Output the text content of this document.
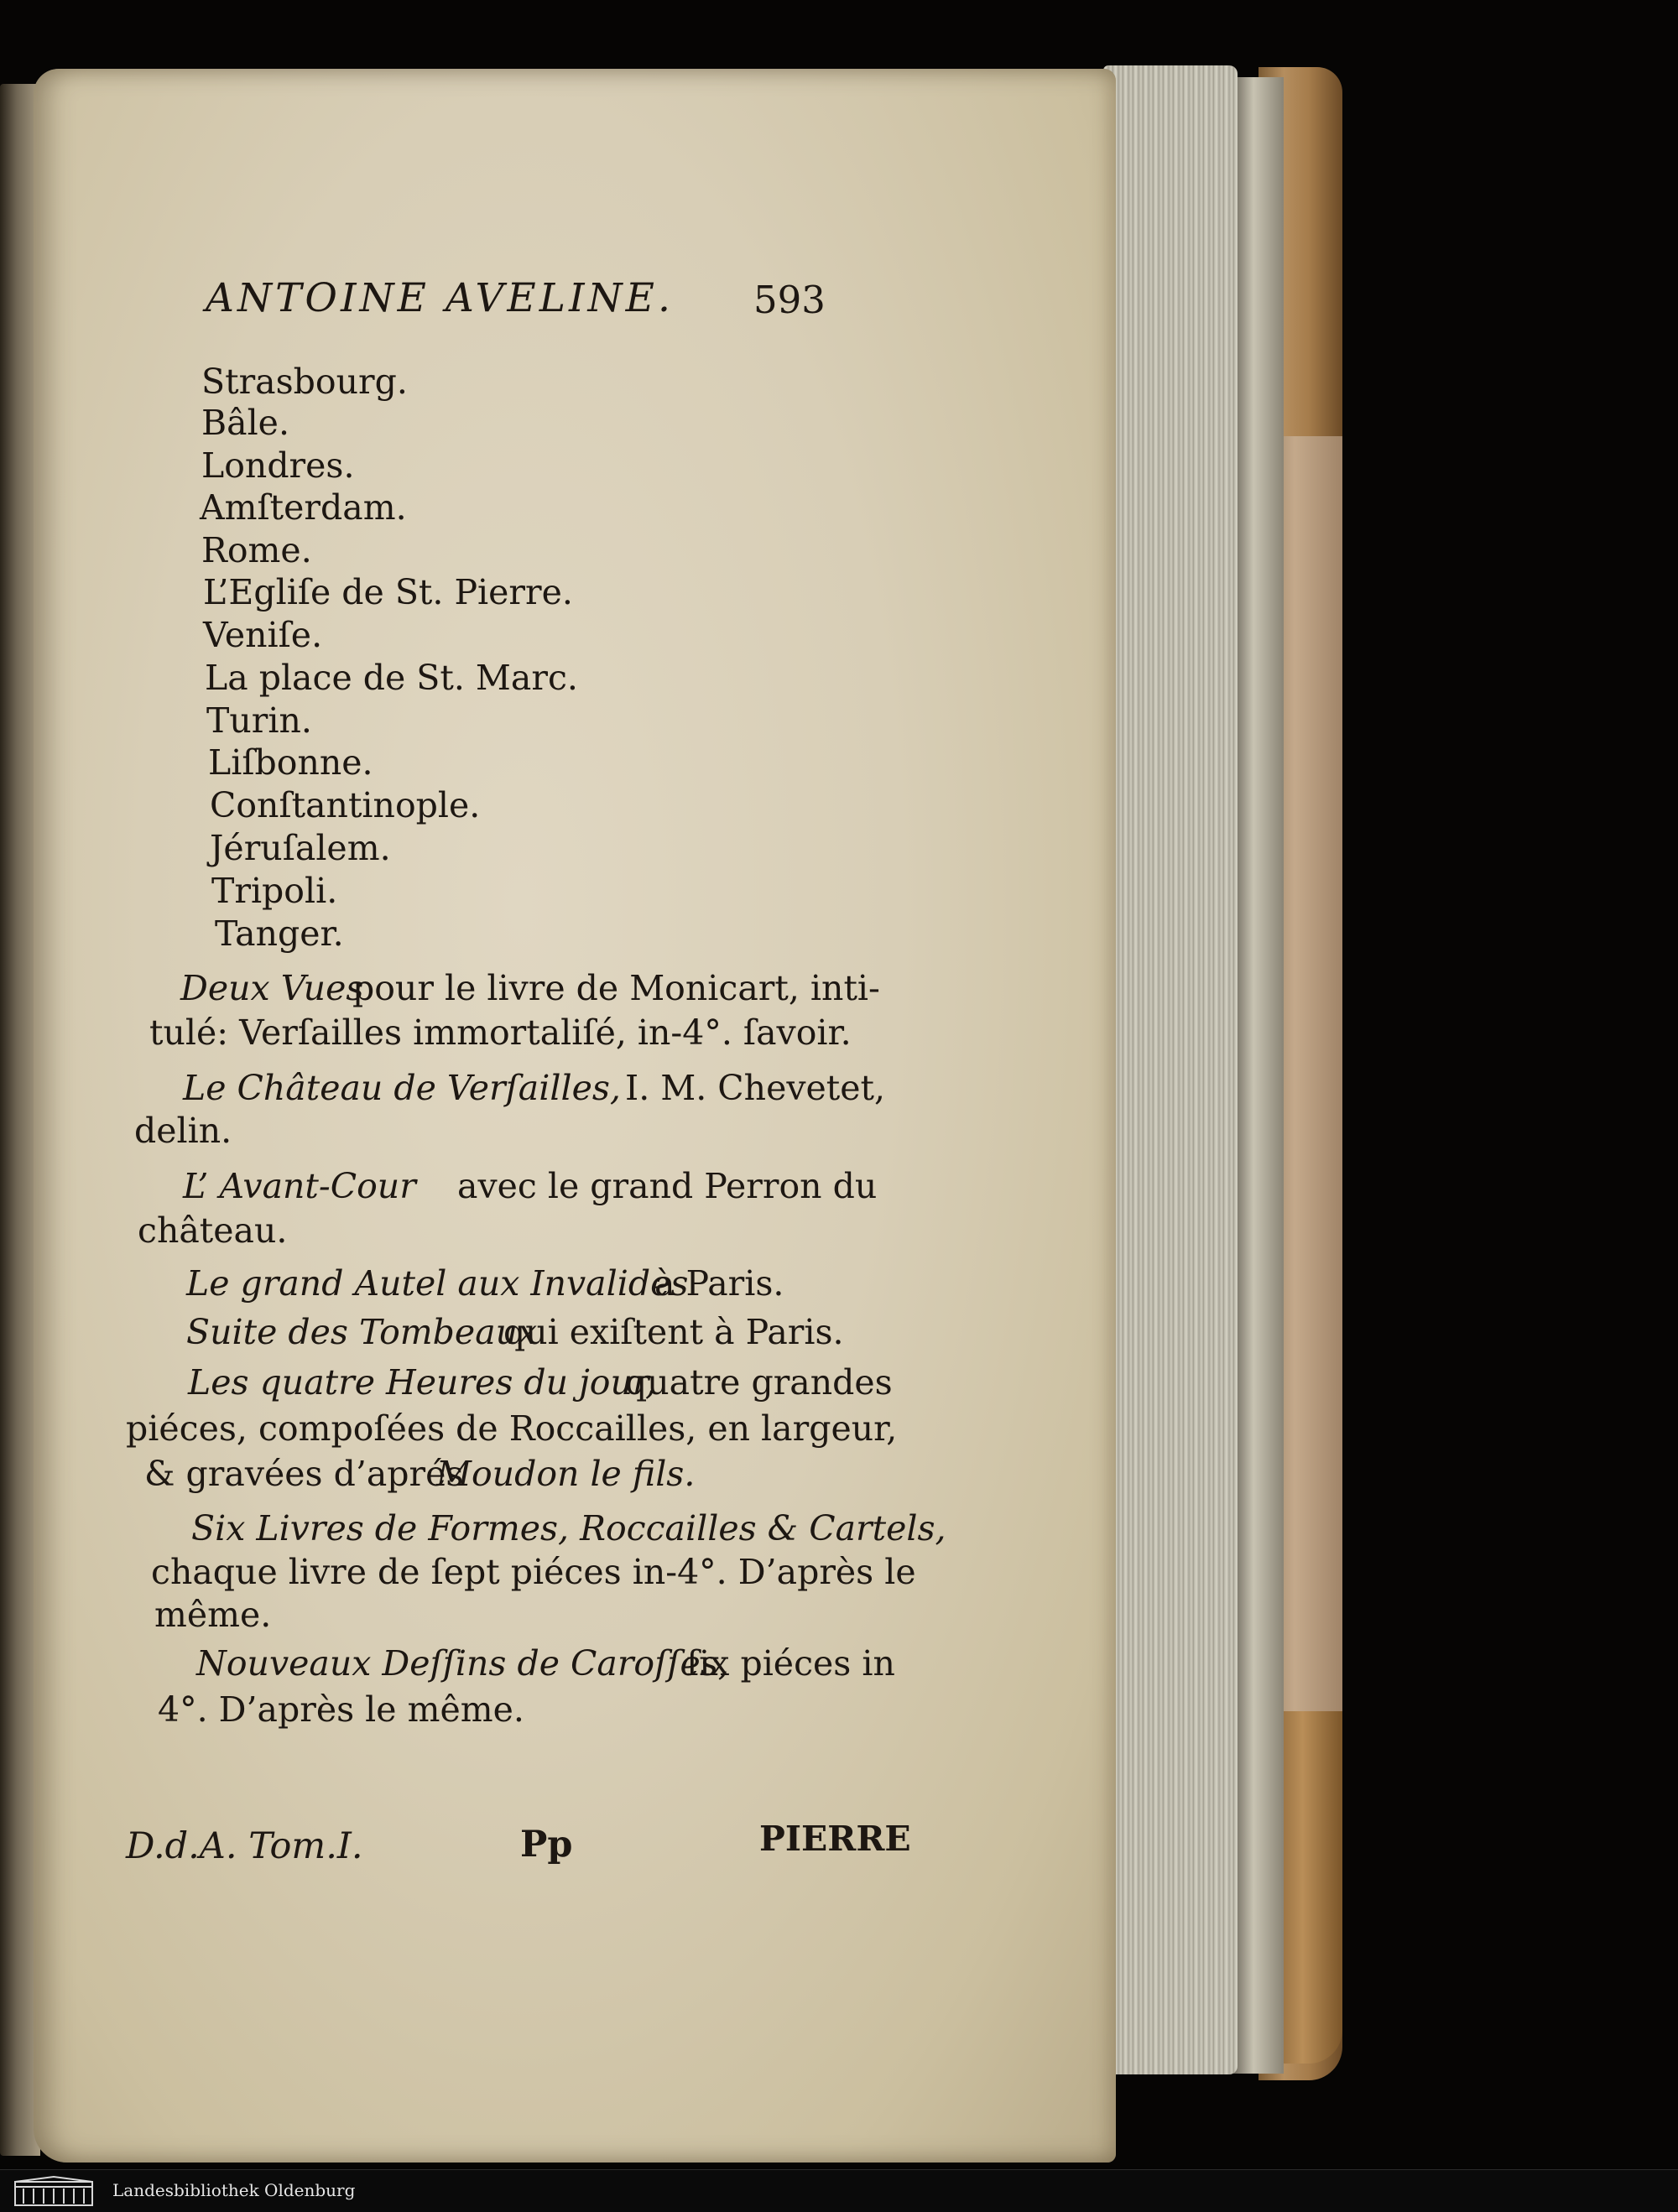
ANTOINE AVELINE. 593
Strasbourg.
Bâle.
Londres.
Amſterdam.
Rome.
L’Egliſe de St. Pierre.
Veniſe.
La place de St. Marc.
Turin.
Liſbonne.
Conſtantinople.
Jéruſalem.
Tripoli.
Tanger.
Deux Vues
pour le livre de Monicart, inti-
tulé: Verſailles immortaliſé, in-4°. ſavoir.
Le Château de Verſailles, I. M. Chevetet,
delin.
L’ Avant-Cour avec le grand Perron du
château.
Le grand Autel aux Invalides
à Paris.
Suite des Tombeaux
qui exiſtent à Paris.
Les quatre Heures du jour,
quatre grandes
piéces, compoſées de Roccailles, en largeur,
& gravées d’aprés
Moudon le fils.
Six Livres de Formes, Roccailles & Cartels,
chaque livre de ſept piéces in-4°. D’après le
même.
Nouveaux Deſſins de Caroſſes,
ſix piéces in
4°. D’après le même.
D.d.A. Tom.I.	Pp	PIERRE
Landesbibliothek Oldenburg
